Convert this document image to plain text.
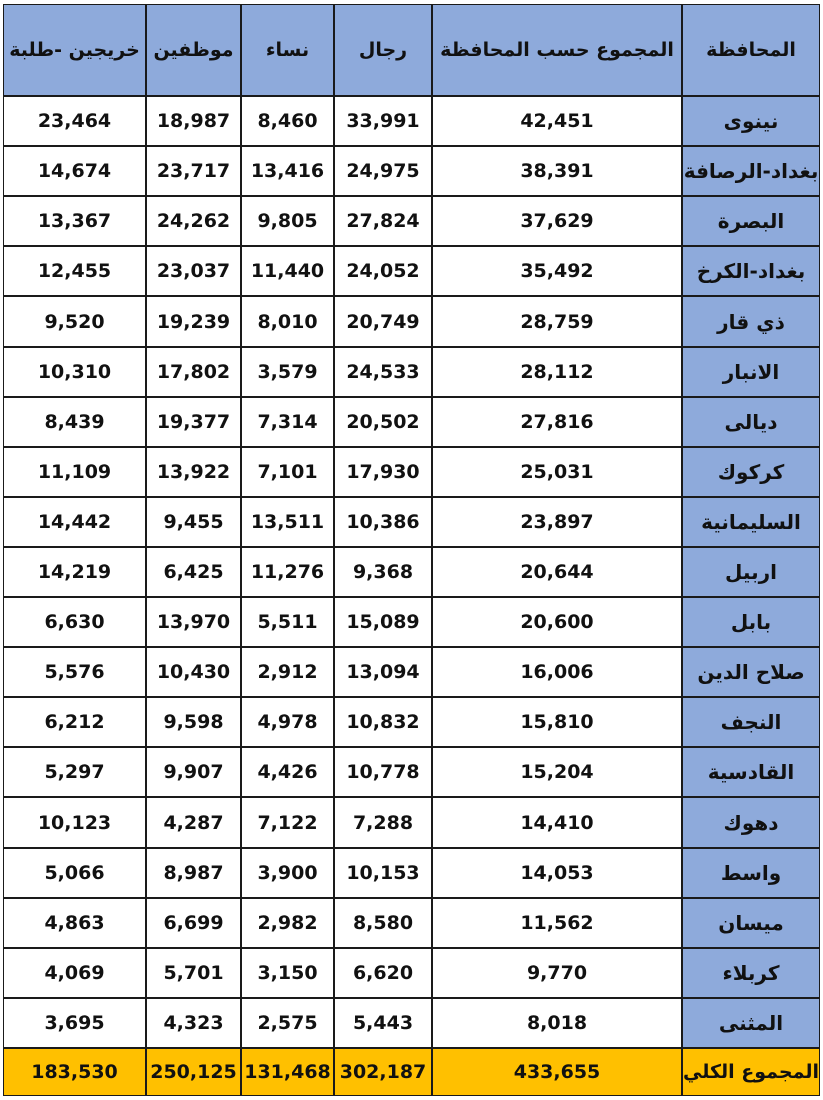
المحافظة
المجموع حسب المحافظة
رجال
نساء
موظفين
خريجين -طلبة
نينوى
42,451
33,991
8,460
18,987
23,464
بغداد-الرصافة
38,391
24,975
13,416
23,717
14,674
البصرة
37,629
27,824
9,805
24,262
13,367
بغداد-الكرخ
35,492
24,052
11,440
23,037
12,455
ذي قار
28,759
20,749
8,010
19,239
9,520
الانبار
28,112
24,533
3,579
17,802
10,310
ديالى
27,816
20,502
7,314
19,377
8,439
كركوك
25,031
17,930
7,101
13,922
11,109
السليمانية
23,897
10,386
13,511
9,455
14,442
اربيل
20,644
9,368
11,276
6,425
14,219
بابل
20,600
15,089
5,511
13,970
6,630
صلاح الدين
16,006
13,094
2,912
10,430
5,576
النجف
15,810
10,832
4,978
9,598
6,212
القادسية
15,204
10,778
4,426
9,907
5,297
دهوك
14,410
7,288
7,122
4,287
10,123
واسط
14,053
10,153
3,900
8,987
5,066
ميسان
11,562
8,580
2,982
6,699
4,863
كربلاء
9,770
6,620
3,150
5,701
4,069
المثنى
8,018
5,443
2,575
4,323
3,695
المجموع الكلي
433,655
302,187
131,468
250,125
183,530
